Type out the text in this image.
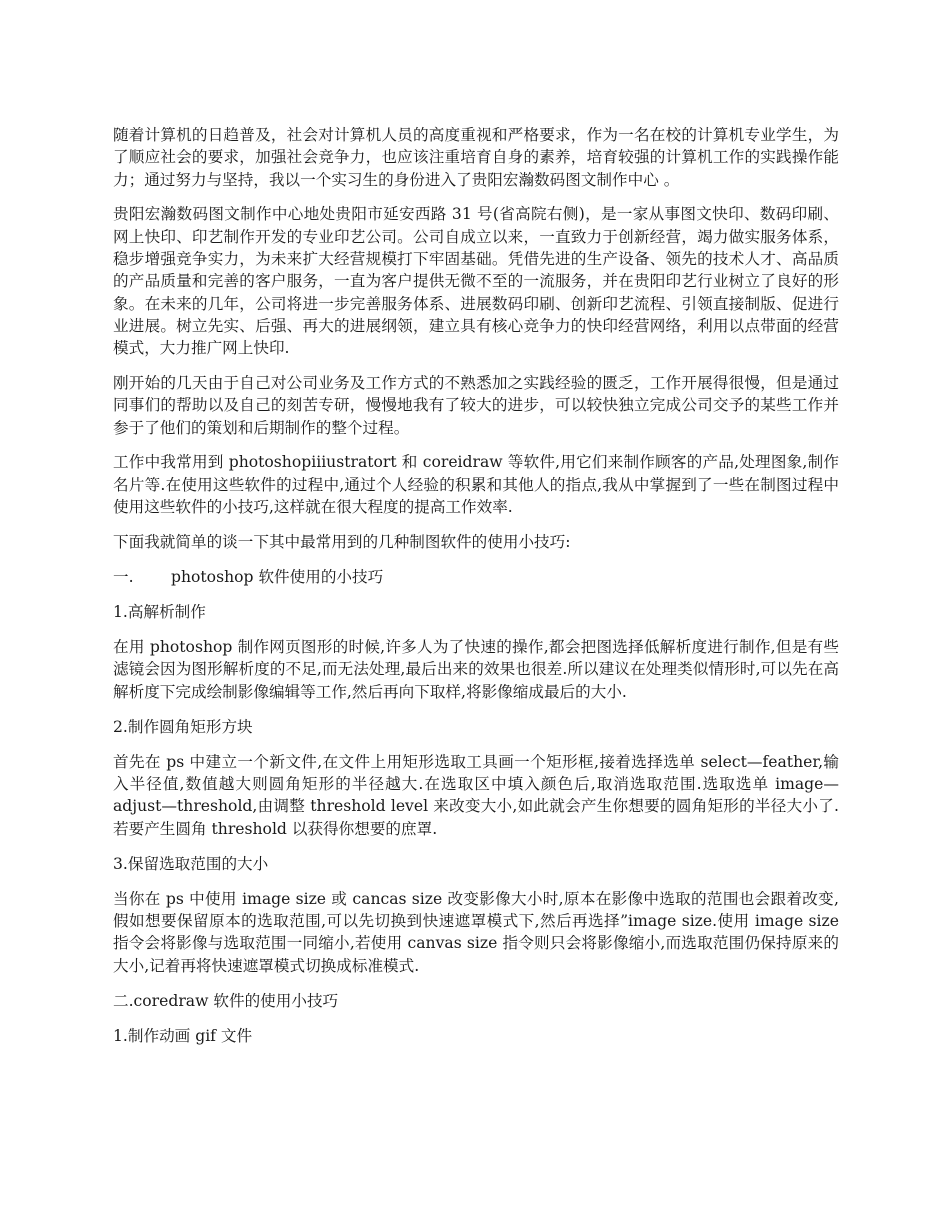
随着计算机的日趋普及，社会对计算机人员的高度重视和严格要求，作为一名在校的计算机专业学生，为了顺应社会的要求，加强社会竞争力，也应该注重培育自身的素养，培育较强的计算机工作的实践操作能力；通过努力与坚持，我以一个实习生的身份进入了贵阳宏瀚数码图文制作中心 。

贵阳宏瀚数码图文制作中心地处贵阳市延安西路 31 号(省高院右侧)，是一家从事图文快印、数码印刷、网上快印、印艺制作开发的专业印艺公司。公司自成立以来，一直致力于创新经营，竭力做实服务体系，稳步增强竞争实力，为未来扩大经营规模打下牢固基础。凭借先进的生产设备、领先的技术人才、高品质的产品质量和完善的客户服务，一直为客户提供无微不至的一流服务，并在贵阳印艺行业树立了良好的形象。在未来的几年，公司将进一步完善服务体系、进展数码印刷、创新印艺流程、引领直接制版、促进行业进展。树立先实、后强、再大的进展纲领，建立具有核心竞争力的快印经营网络，利用以点带面的经营模式，大力推广网上快印.

刚开始的几天由于自己对公司业务及工作方式的不熟悉加之实践经验的匮乏，工作开展得很慢，但是通过同事们的帮助以及自己的刻苦专研，慢慢地我有了较大的进步，可以较快独立完成公司交予的某些工作并参于了他们的策划和后期制作的整个过程。

工作中我常用到 photoshopiiiustratort 和 coreidraw 等软件,用它们来制作顾客的产品,处理图象,制作名片等.在使用这些软件的过程中,通过个人经验的积累和其他人的指点,我从中掌握到了一些在制图过程中使用这些软件的小技巧,这样就在很大程度的提高工作效率.

下面我就简单的谈一下其中最常用到的几种制图软件的使用小技巧:

一.	photoshop 软件使用的小技巧
1.高解析制作

在用 photoshop 制作网页图形的时候,许多人为了快速的操作,都会把图选择低解析度进行制作,但是有些滤镜会因为图形解析度的不足,而无法处理,最后出来的效果也很差.所以建议在处理类似情形时,可以先在高解析度下完成绘制影像编辑等工作,然后再向下取样,将影像缩成最后的大小.

2.制作圆角矩形方块

首先在 ps 中建立一个新文件,在文件上用矩形选取工具画一个矩形框,接着选择选单 select—feather,输入半径值,数值越大则圆角矩形的半径越大.在选取区中填入颜色后,取消选取范围.选取选单 image—adjust—threshold,由调整 threshold level 来改变大小,如此就会产生你想要的圆角矩形的半径大小了.若要产生圆角 threshold 以获得你想要的庶罩.

3.保留选取范围的大小

当你在 ps 中使用 image size 或 cancas size 改变影像大小时,原本在影像中选取的范围也会跟着改变,假如想要保留原本的选取范围,可以先切换到快速遮罩模式下,然后再选择”image size.使用 image size 指令会将影像与选取范围一同缩小,若使用 canvas size 指令则只会将影像缩小,而选取范围仍保持原来的大小,记着再将快速遮罩模式切换成标准模式.

二.coredraw 软件的使用小技巧
1.制作动画 gif 文件
